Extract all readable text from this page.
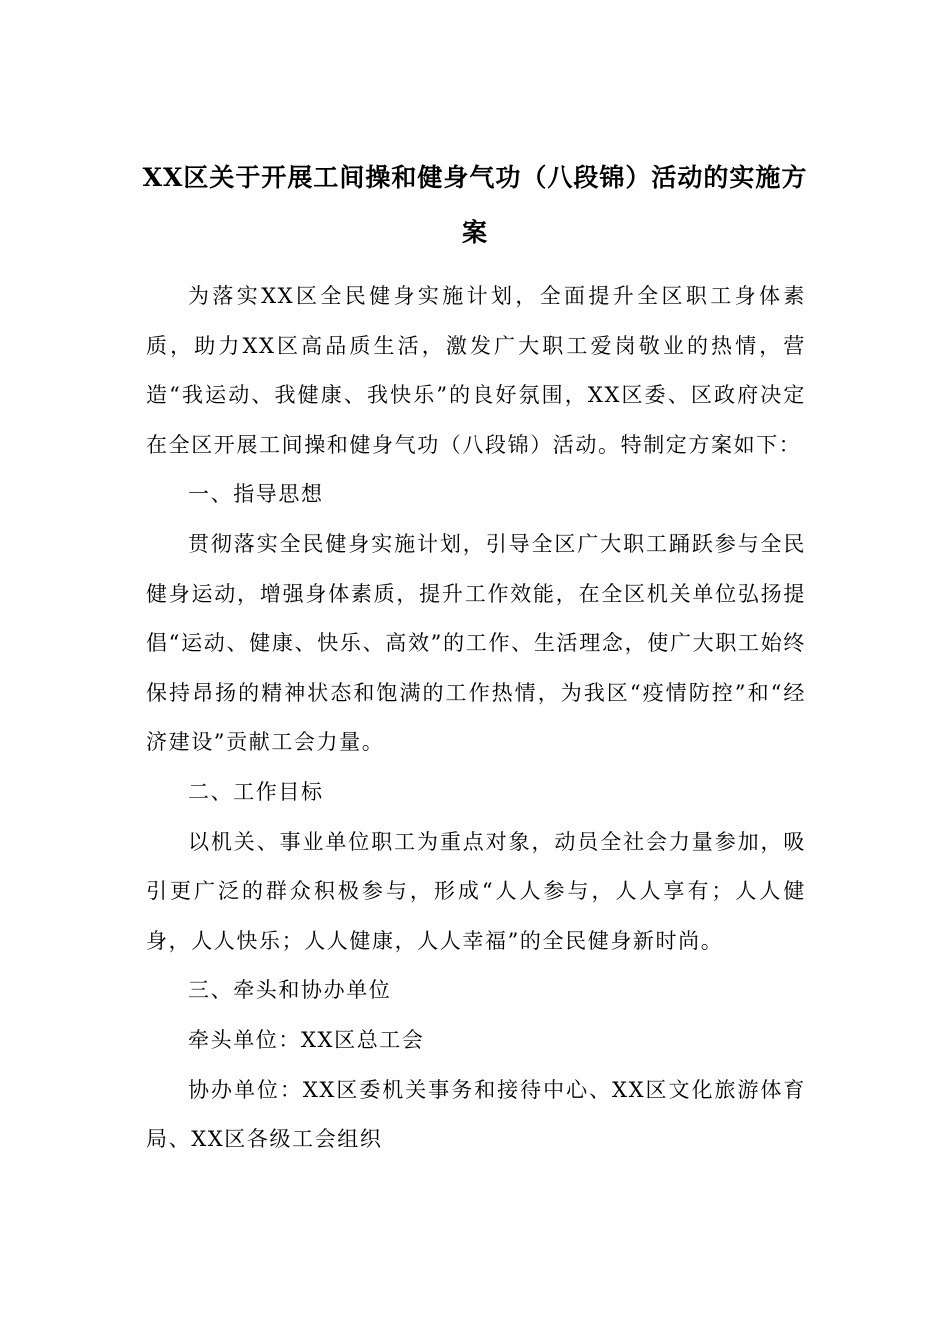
XX区关于开展工间操和健身气功（八段锦）活动的实施方案

为落实XX区全民健身实施计划，全面提升全区职工身体素质，助力XX区高品质生活，激发广大职工爱岗敬业的热情，营造“我运动、我健康、我快乐”的良好氛围，XX区委、区政府决定在全区开展工间操和健身气功（八段锦）活动。特制定方案如下：

一、指导思想

贯彻落实全民健身实施计划，引导全区广大职工踊跃参与全民健身运动，增强身体素质，提升工作效能，在全区机关单位弘扬提倡“运动、健康、快乐、高效”的工作、生活理念，使广大职工始终保持昂扬的精神状态和饱满的工作热情，为我区“疫情防控”和“经济建设”贡献工会力量。

二、工作目标

以机关、事业单位职工为重点对象，动员全社会力量参加，吸引更广泛的群众积极参与，形成“人人参与，人人享有；人人健身，人人快乐；人人健康，人人幸福”的全民健身新时尚。

三、牵头和协办单位

牵头单位：XX区总工会

协办单位：XX区委机关事务和接待中心、XX区文化旅游体育局、XX区各级工会组织
